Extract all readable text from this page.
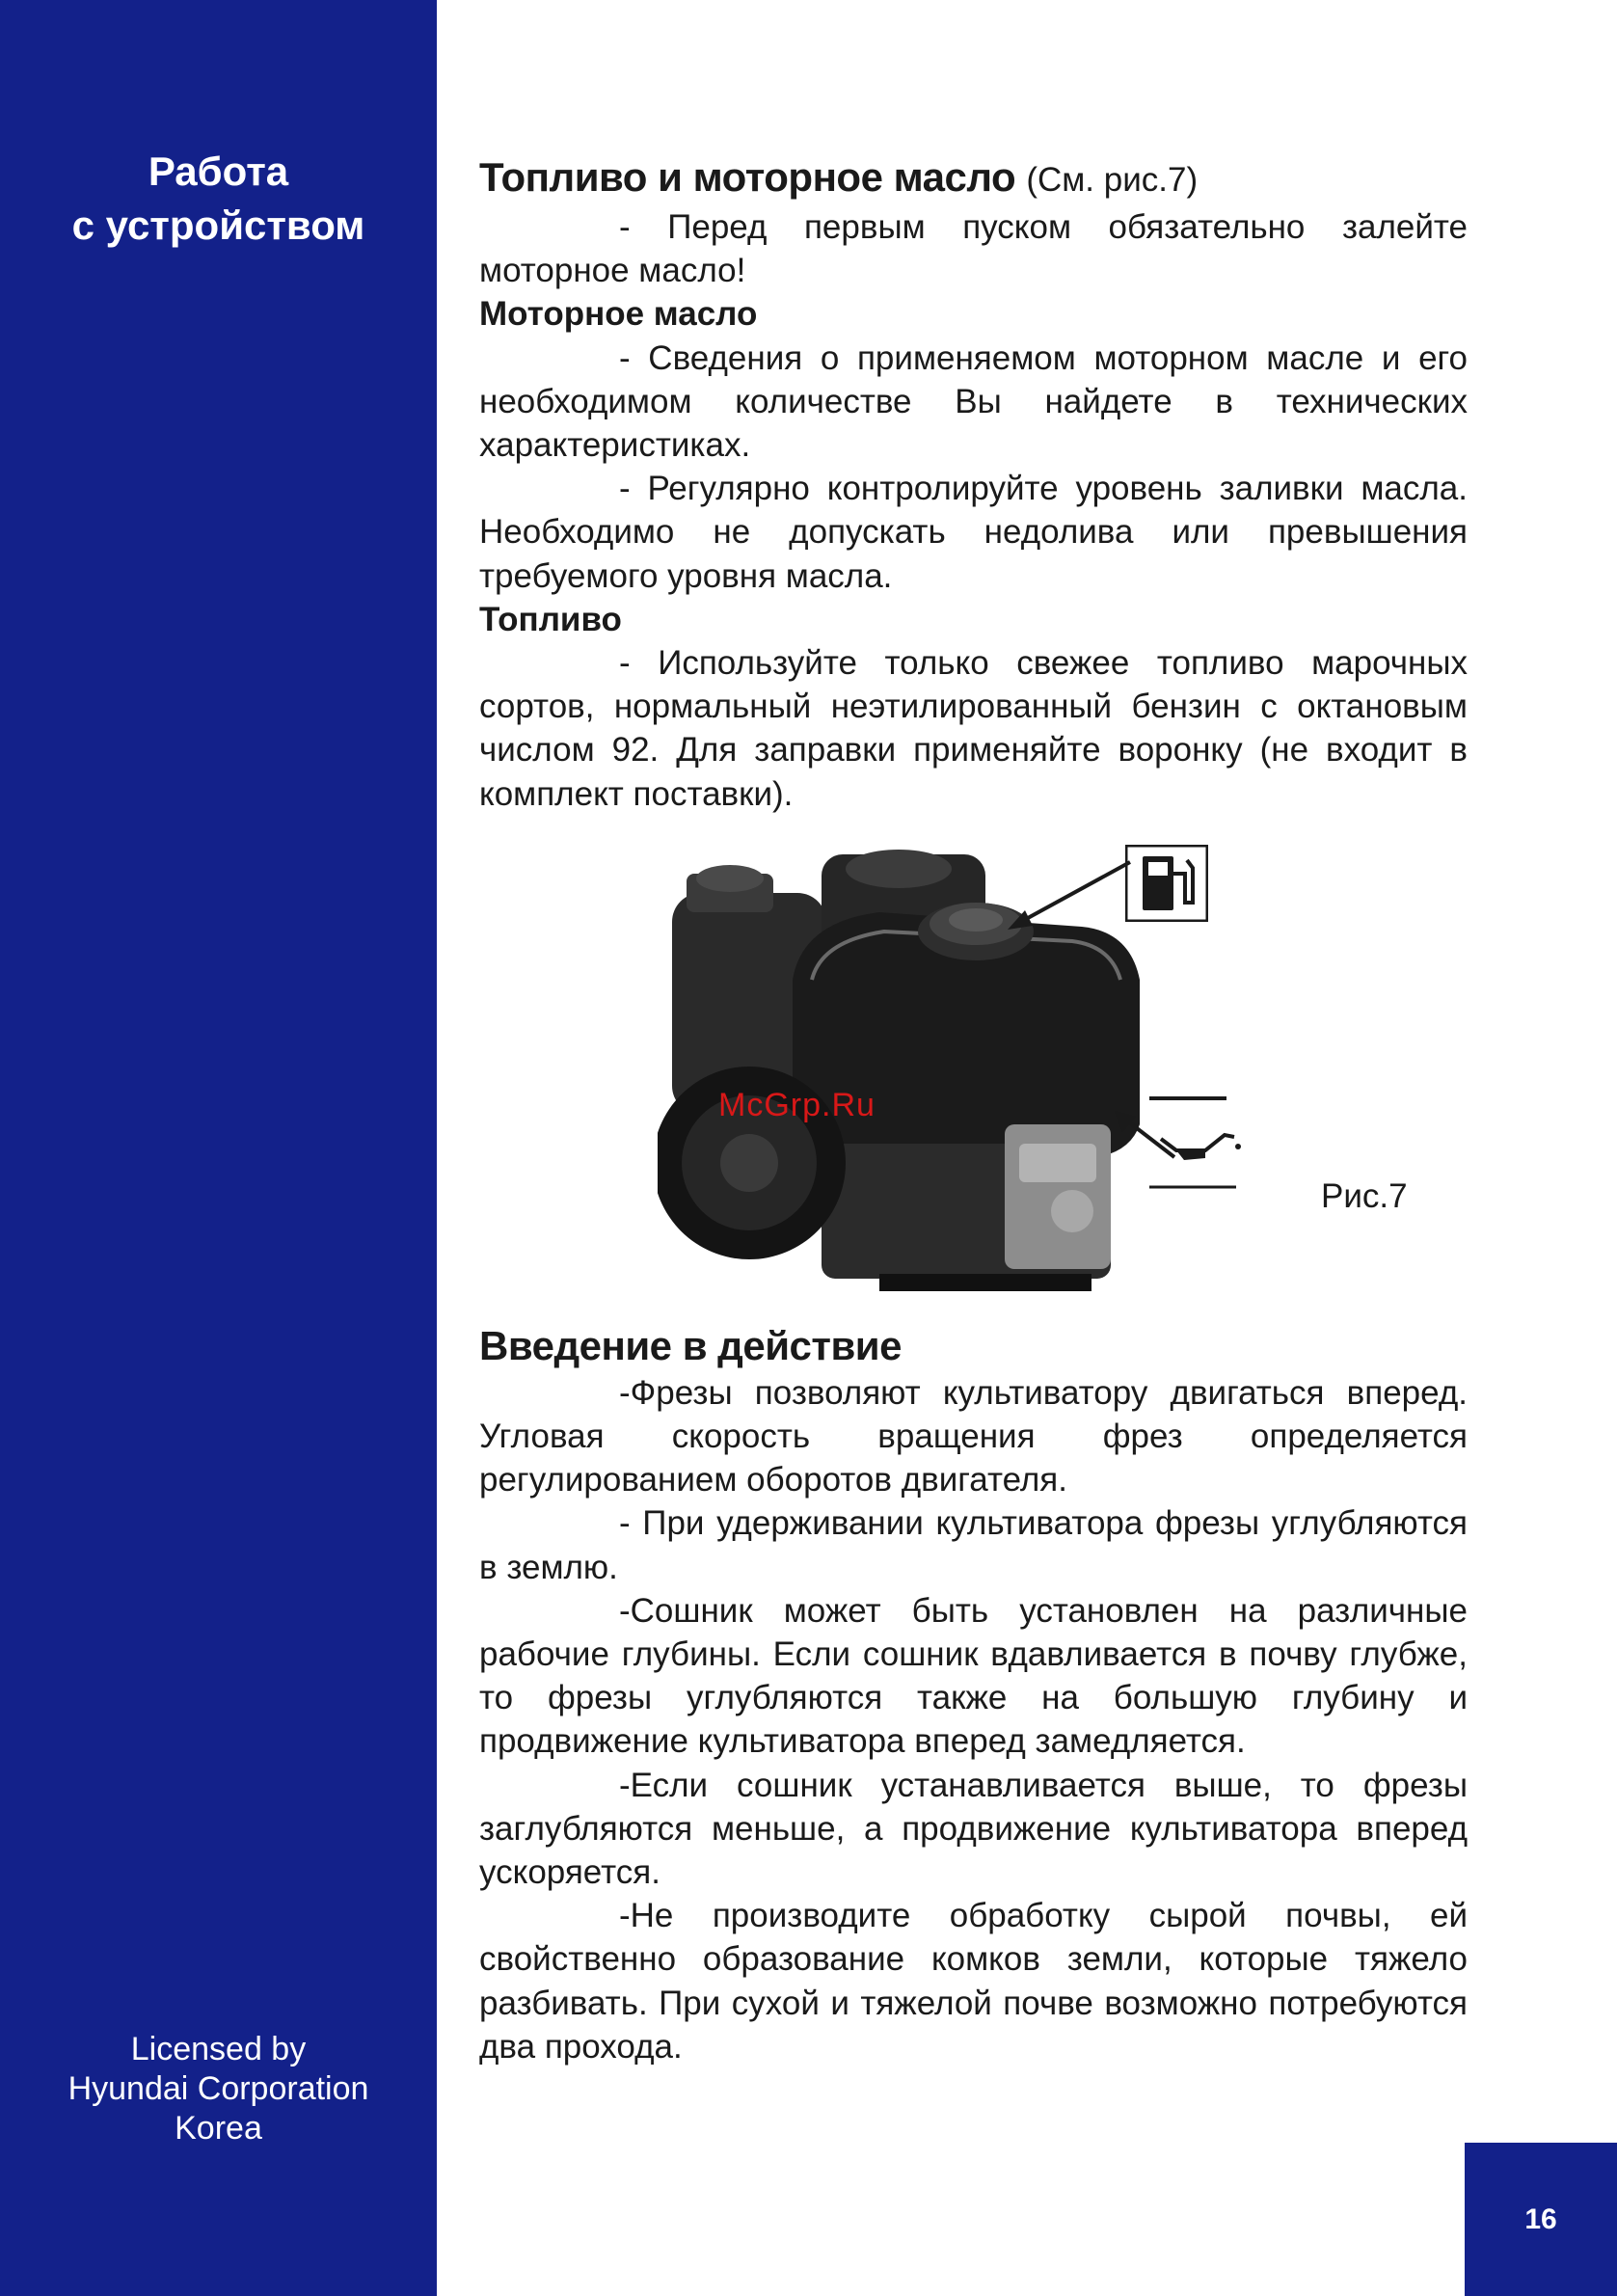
Работа
с устройством
Licensed by
Hyundai Corporation
Korea
Топливо и моторное масло (См. рис.7)

- Перед первым пуском обязательно залейте моторное масло!

Моторное масло

- Сведения о применяемом моторном масле и его необходимом количестве Вы найдете в технических характеристиках.

- Регулярно контролируйте уровень заливки масла. Необходимо не допускать недолива или превышения требуемого уровня масла.

Топливо

- Используйте только свежее топливо марочных сортов, нормальный неэтилированный бензин с октановым числом 92. Для заправки применяйте воронку (не входит в комплект поставки).

McGrp.Ru
Рис.7
Введение в действие

-Фрезы позволяют культиватору двигаться вперед. Угловая скорость вращения фрез определяется регулированием оборотов двигателя.

- При удерживании культиватора фрезы углубляются в землю.

-Сошник может быть установлен на различные рабочие глубины. Если сошник вдавливается в почву глубже, то фрезы углубляются также на большую глубину и продвижение культиватора вперед замедляется.

-Если сошник устанавливается выше, то фрезы заглубляются меньше, а продвижение культиватора вперед ускоряется.

-Не производите обработку сырой почвы, ей свойственно образование комков земли, которые тяжело разбивать. При сухой и тяжелой почве возможно потребуются два прохода.

16
